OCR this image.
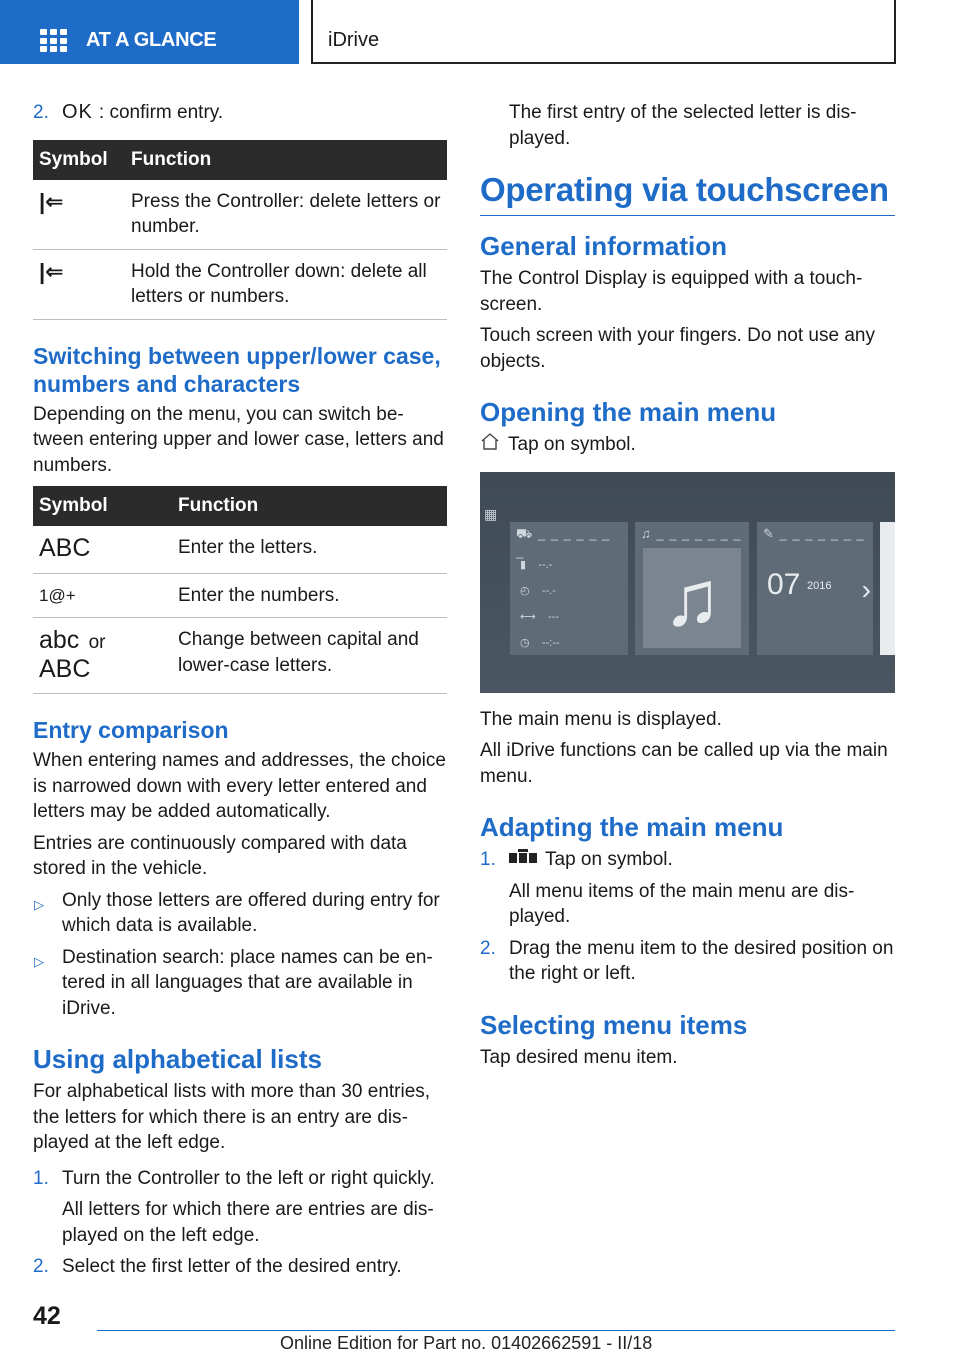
AT A GLANCE	iDrive
2. OK : confirm entry.
Symbol	Function
|⇐	Press the Controller: delete letters or number.
|⇐	Hold the Controller down: delete all letters or numbers.
Switching between upper/lower case, numbers and characters

Depending on the menu, you can switch between entering upper and lower case, letters and numbers.

Symbol	Function
ABC	Enter the letters.
1@+	Enter the numbers.
abc or
ABC	Change between capital and lower-case letters.
Entry comparison

When entering names and addresses, the choice is narrowed down with every letter entered and letters may be added automatically.

Entries are continuously compared with data stored in the vehicle.

▷ Only those letters are offered during entry for which data is available.
▷ Destination search: place names can be entered in all languages that are available in iDrive.
Using alphabetical lists

For alphabetical lists with more than 30 entries, the letters for which there is an entry are displayed at the left edge.

1. Turn the Controller to the left or right quickly.
All letters for which there are entries are displayed on the left edge.
2. Select the first letter of the desired entry.
The first entry of the selected letter is displayed.
Operating via touchscreen
General information

The Control Display is equipped with a touchscreen.

Touch screen with your fingers. Do not use any objects.

Opening the main menu

Tap on symbol.

▦
⛟ _ _ _ _ _ _ _
▮    --.-
◴    --.-
⟷    ---
◷    --:--
♫ _ _ _ _ _ _ _
♫
✎ _ _ _ _ _ _ _
07 2016 ›

The main menu is displayed.

All iDrive functions can be called up via the main menu.

Adapting the main menu
1.	Tap on symbol.
All menu items of the main menu are displayed.
2. Drag the menu item to the desired position on the right or left.
Selecting menu items

Tap desired menu item.

42
Online Edition for Part no. 01402662591 - II/18
